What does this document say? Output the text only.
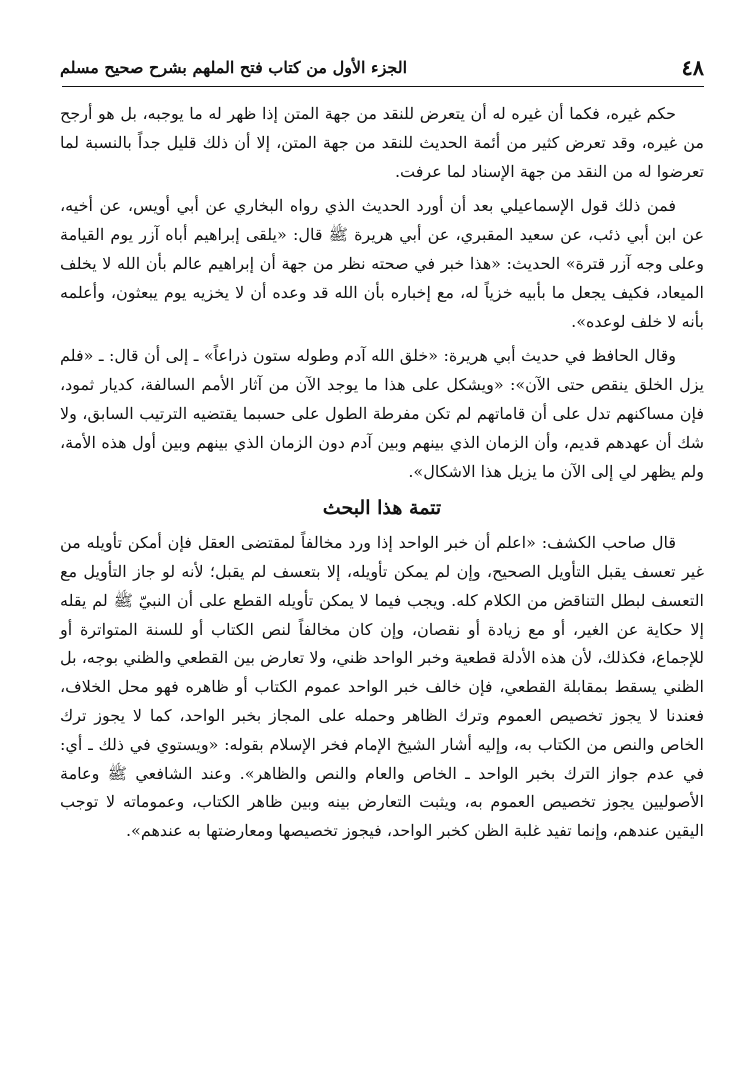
٤٨
الجزء الأول من كتاب فتح الملهم بشرح صحيح مسلم

حكم غيره، فكما أن غيره له أن يتعرض للنقد من جهة المتن إذا ظهر له ما يوجبه، بل هو أرجح من غيره، وقد تعرض كثير من أئمة الحديث للنقد من جهة المتن، إلا أن ذلك قليل جداً بالنسبة لما تعرضوا له من النقد من جهة الإسناد لما عرفت.

فمن ذلك قول الإسماعيلي بعد أن أورد الحديث الذي رواه البخاري عن أبي أويس، عن أخيه، عن ابن أبي ذئب، عن سعيد المقبري، عن أبي هريرة ﷺ قال: «يلقى إبراهيم أباه آزر يوم القيامة وعلى وجه آزر قترة» الحديث: «هذا خبر في صحته نظر من جهة أن إبراهيم عالم بأن الله لا يخلف الميعاد، فكيف يجعل ما بأبيه خزياً له، مع إخباره بأن الله قد وعده أن لا يخزيه يوم يبعثون، وأعلمه بأنه لا خلف لوعده».

وقال الحافظ في حديث أبي هريرة: «خلق الله آدم وطوله ستون ذراعاً» ـ إلى أن قال: ـ «فلم يزل الخلق ينقص حتى الآن»: «ويشكل على هذا ما يوجد الآن من آثار الأمم السالفة، كديار ثمود، فإن مساكنهم تدل على أن قاماتهم لم تكن مفرطة الطول على حسبما يقتضيه الترتيب السابق، ولا شك أن عهدهم قديم، وأن الزمان الذي بينهم وبين آدم دون الزمان الذي بينهم وبين أول هذه الأمة، ولم يظهر لي إلى الآن ما يزيل هذا الاشكال».

تتمة هذا البحث

قال صاحب الكشف: «اعلم أن خبر الواحد إذا ورد مخالفاً لمقتضى العقل فإن أمكن تأويله من غير تعسف يقبل التأويل الصحيح، وإن لم يمكن تأويله، إلا بتعسف لم يقبل؛ لأنه لو جاز التأويل مع التعسف لبطل التناقض من الكلام كله. ويجب فيما لا يمكن تأويله القطع على أن النبيّ ﷺ لم يقله إلا حكاية عن الغير، أو مع زيادة أو نقصان، وإن كان مخالفاً لنص الكتاب أو للسنة المتواترة أو للإجماع، فكذلك، لأن هذه الأدلة قطعية وخبر الواحد ظني، ولا تعارض بين القطعي والظني بوجه، بل الظني يسقط بمقابلة القطعي، فإن خالف خبر الواحد عموم الكتاب أو ظاهره فهو محل الخلاف، فعندنا لا يجوز تخصيص العموم وترك الظاهر وحمله على المجاز بخبر الواحد، كما لا يجوز ترك الخاص والنص من الكتاب به، وإليه أشار الشيخ الإمام فخر الإسلام بقوله: «ويستوي في ذلك ـ أي: في عدم جواز الترك بخبر الواحد ـ الخاص والعام والنص والظاهر». وعند الشافعي ﷺ وعامة الأصوليين يجوز تخصيص العموم به، ويثبت التعارض بينه وبين ظاهر الكتاب، وعموماته لا توجب اليقين عندهم، وإنما تفيد غلبة الظن كخبر الواحد، فيجوز تخصيصها ومعارضتها به عندهم».
